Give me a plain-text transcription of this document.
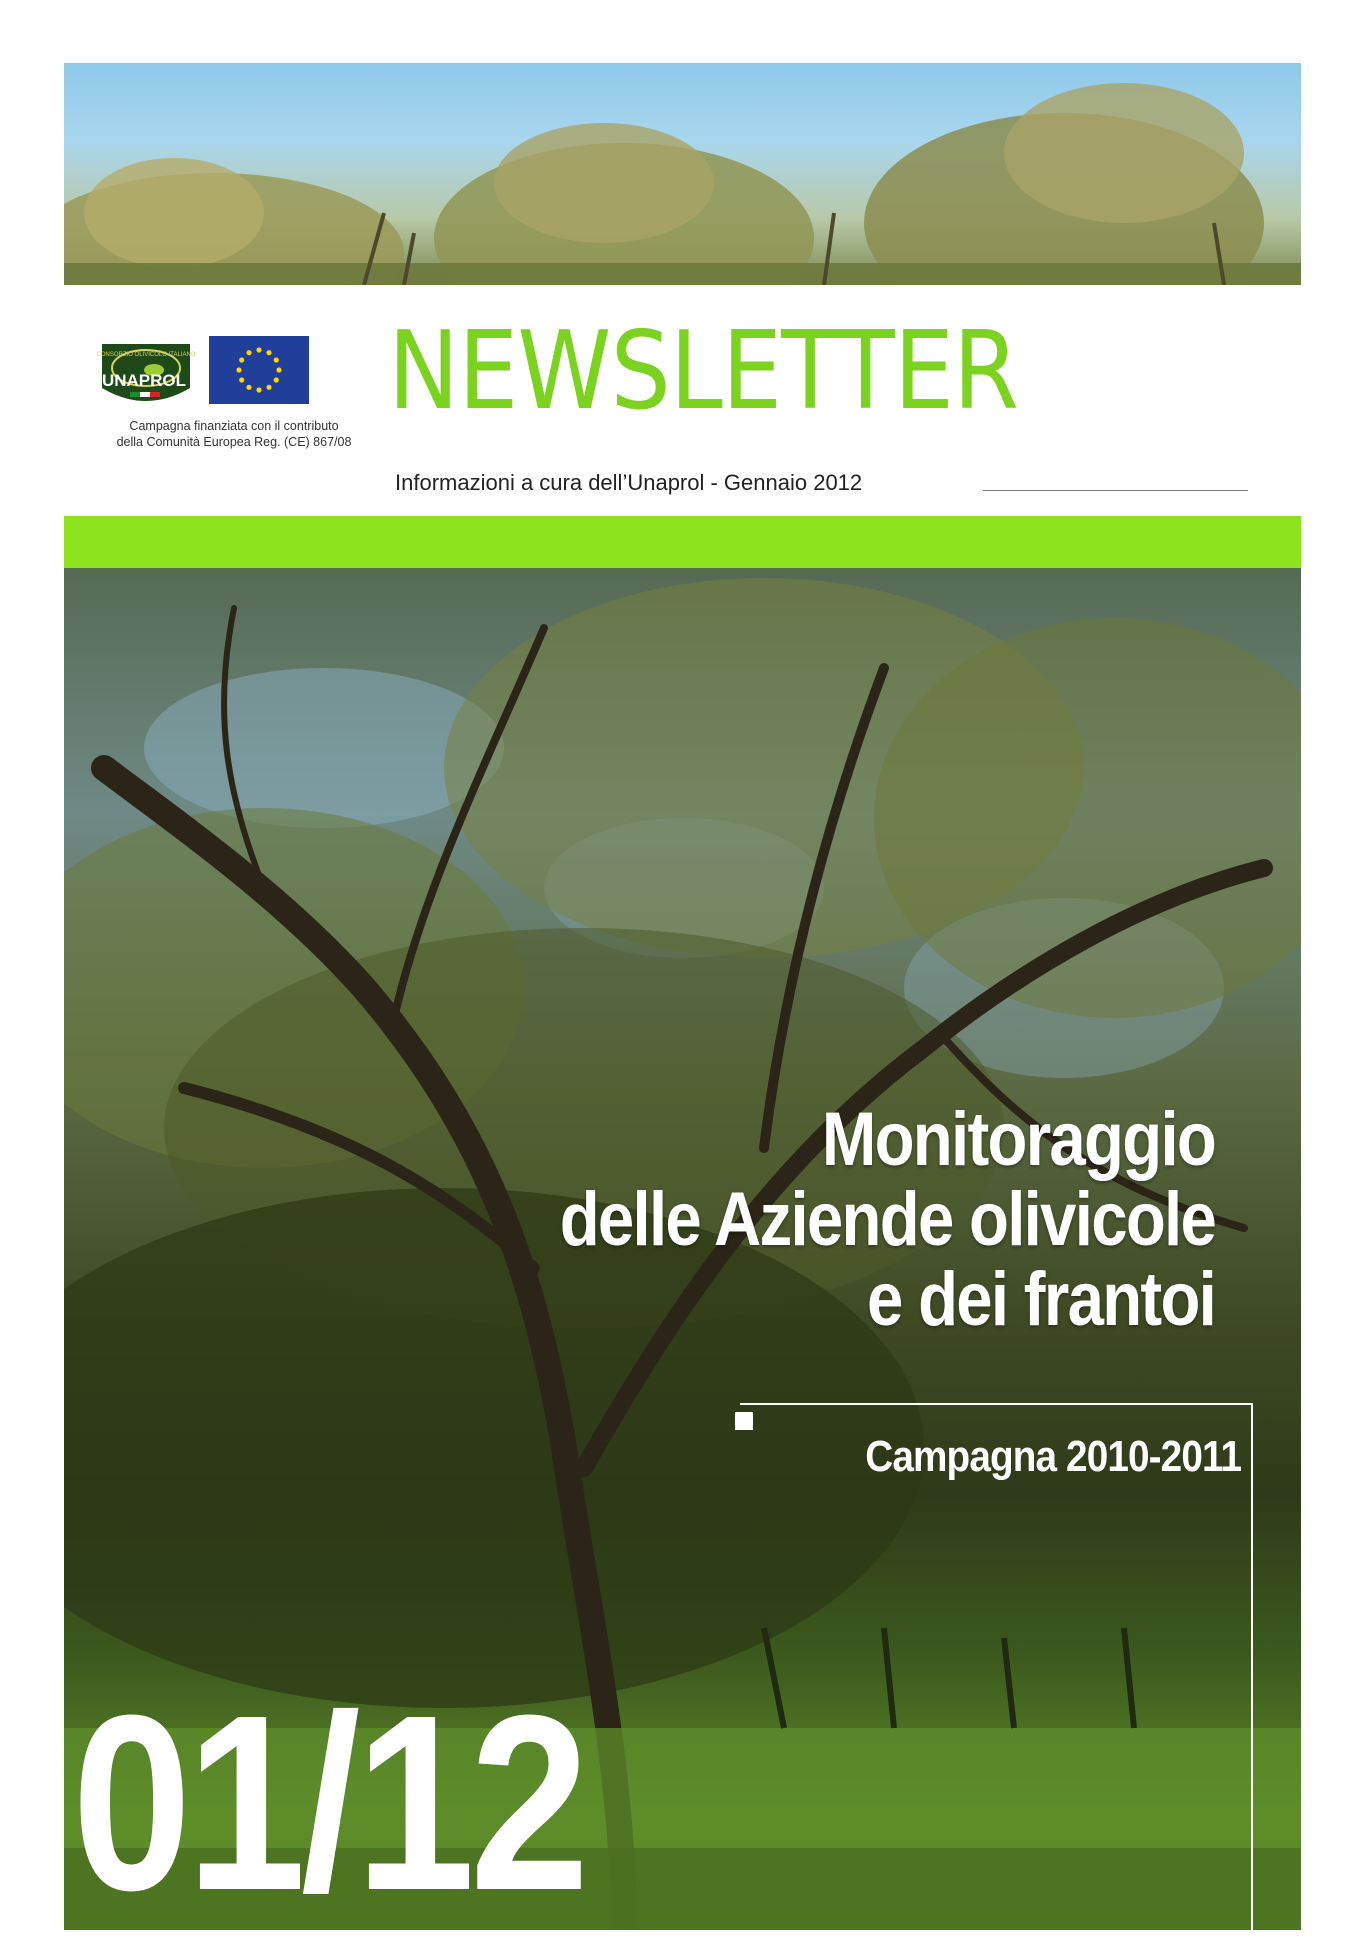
CONSORZIO OLIVICOLO ITALIANO
UNAPROL
Campagna finanziata con il contributo
della Comunità Europea Reg. (CE) 867/08
NEWSLETTER
Informazioni a cura dell’Unaprol - Gennaio 2012
Monitoraggio
delle Aziende olivicole
e dei frantoi
Campagna 2010-2011
01/12
